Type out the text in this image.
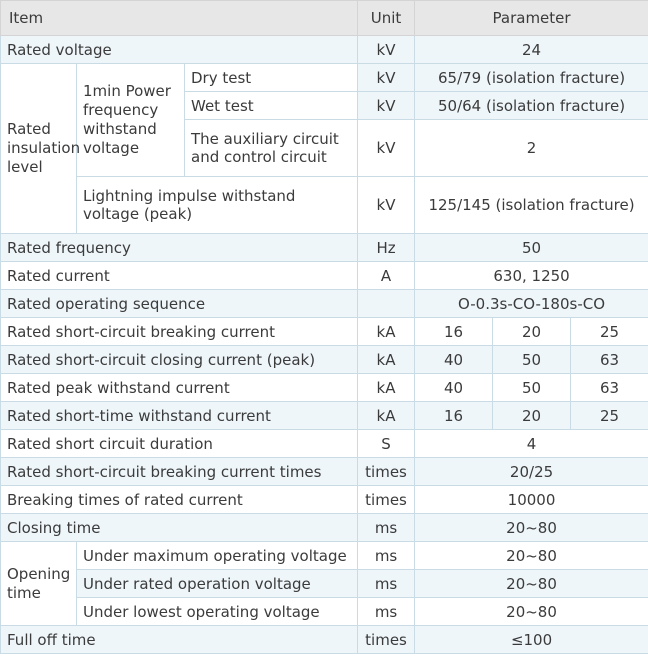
Item			Unit	Parameter		
Rated voltage			kV	24		
Rated insulation level	1min Power frequency withstand voltage	Dry test	kV	65/79 (isolation fracture)		
		Wet test	kV	50/64 (isolation fracture)		
		The auxiliary circuit and control circuit	kV	2		
	Lightning impulse withstand voltage (peak)		kV	125/145 (isolation fracture)		
Rated frequency			Hz	50		
Rated current			A	630, 1250		
Rated operating sequence				O-0.3s-CO-180s-CO		
Rated short-circuit breaking current			kA	16	20	25
Rated short-circuit closing current (peak)			kA	40	50	63
Rated peak withstand current			kA	40	50	63
Rated short-time withstand current			kA	16	20	25
Rated short circuit duration			S	4		
Rated short-circuit breaking current times			times	20/25		
Breaking times of rated current			times	10000		
Closing time			ms	20~80		
Opening time	Under maximum operating voltage		ms	20~80		
	Under rated operation voltage		ms	20~80		
	Under lowest operating voltage		ms	20~80		
Full off time			times	≤100		
